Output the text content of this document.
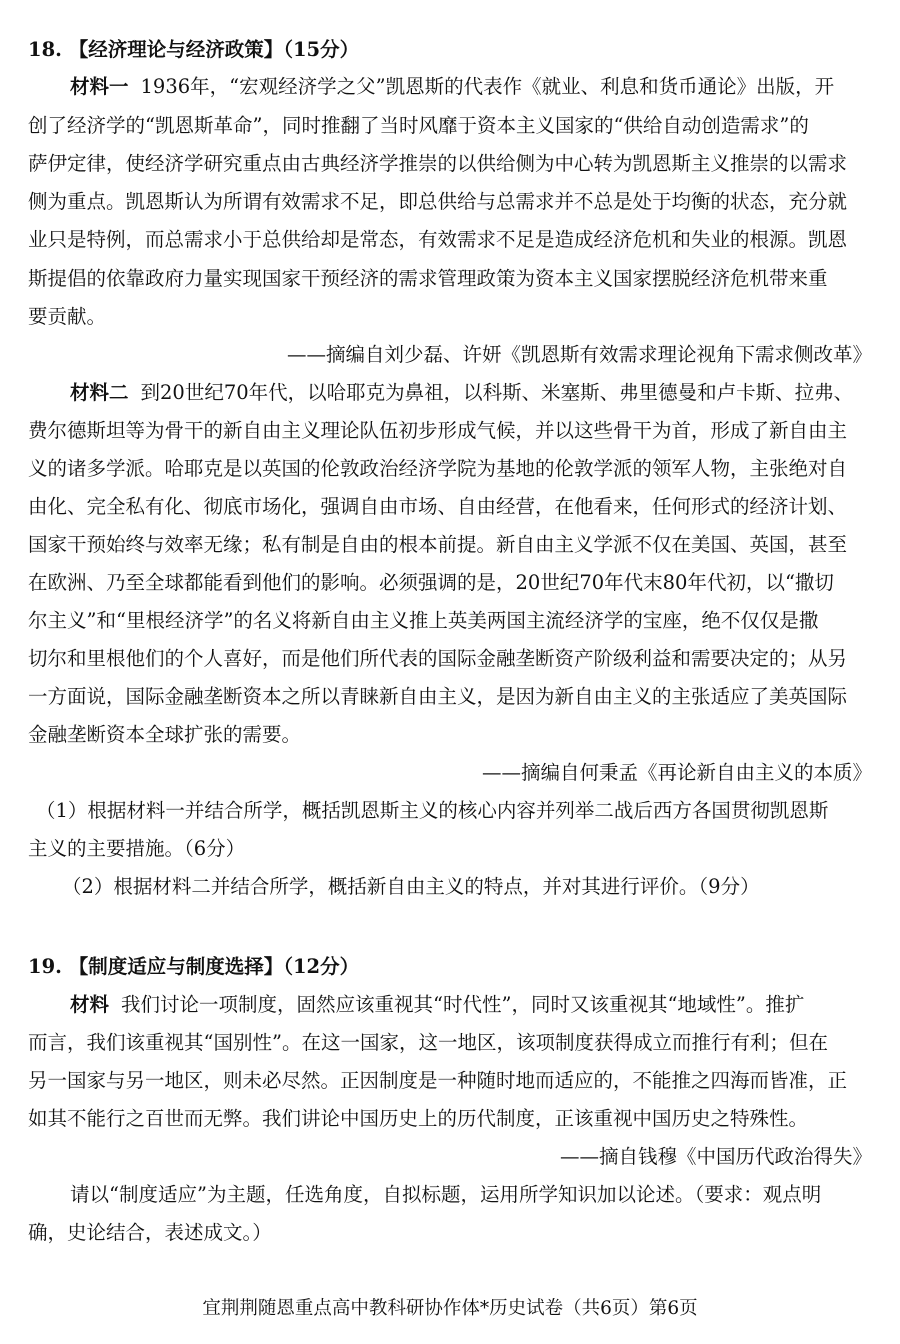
18. 【经济理论与经济政策】（15分）
材料一 1936年，“宏观经济学之父”凯恩斯的代表作《就业、利息和货币通论》出版，开
创了经济学的“凯恩斯革命”，同时推翻了当时风靡于资本主义国家的“供给自动创造需求”的
萨伊定律，使经济学研究重点由古典经济学推崇的以供给侧为中心转为凯恩斯主义推崇的以需求
侧为重点。凯恩斯认为所谓有效需求不足，即总供给与总需求并不总是处于均衡的状态，充分就
业只是特例，而总需求小于总供给却是常态，有效需求不足是造成经济危机和失业的根源。凯恩
斯提倡的依靠政府力量实现国家干预经济的需求管理政策为资本主义国家摆脱经济危机带来重
要贡献。
——摘编自刘少磊、许妍《凯恩斯有效需求理论视角下需求侧改革》
材料二 到20世纪70年代，以哈耶克为鼻祖，以科斯、米塞斯、弗里德曼和卢卡斯、拉弗、
费尔德斯坦等为骨干的新自由主义理论队伍初步形成气候，并以这些骨干为首，形成了新自由主
义的诸多学派。哈耶克是以英国的伦敦政治经济学院为基地的伦敦学派的领军人物，主张绝对自
由化、完全私有化、彻底市场化，强调自由市场、自由经营，在他看来，任何形式的经济计划、
国家干预始终与效率无缘；私有制是自由的根本前提。新自由主义学派不仅在美国、英国，甚至
在欧洲、乃至全球都能看到他们的影响。必须强调的是，20世纪70年代末80年代初，以“撒切
尔主义”和“里根经济学”的名义将新自由主义推上英美两国主流经济学的宝座，绝不仅仅是撒
切尔和里根他们的个人喜好，而是他们所代表的国际金融垄断资产阶级利益和需要决定的；从另
一方面说，国际金融垄断资本之所以青睐新自由主义，是因为新自由主义的主张适应了美英国际
金融垄断资本全球扩张的需要。
——摘编自何秉孟《再论新自由主义的本质》
（1）根据材料一并结合所学，概括凯恩斯主义的核心内容并列举二战后西方各国贯彻凯恩斯
主义的主要措施。（6分）
（2）根据材料二并结合所学，概括新自由主义的特点，并对其进行评价。（9分）
19. 【制度适应与制度选择】（12分）
材料 我们讨论一项制度，固然应该重视其“时代性”，同时又该重视其“地域性”。推扩
而言，我们该重视其“国别性”。在这一国家，这一地区，该项制度获得成立而推行有利；但在
另一国家与另一地区，则未必尽然。正因制度是一种随时地而适应的，不能推之四海而皆准，正
如其不能行之百世而无弊。我们讲论中国历史上的历代制度，正该重视中国历史之特殊性。
——摘自钱穆《中国历代政治得失》
请以“制度适应”为主题，任选角度，自拟标题，运用所学知识加以论述。（要求：观点明
确，史论结合，表述成文。）
宜荆荆随恩重点高中教科研协作体*历史试卷（共6页）第6页
